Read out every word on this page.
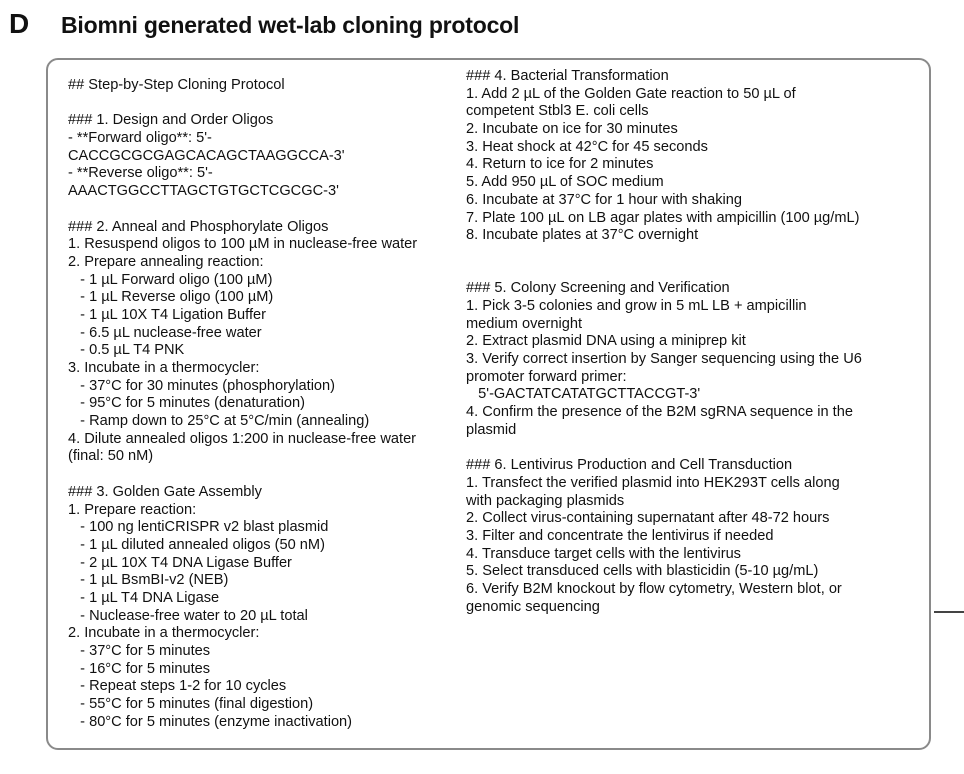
D Biomni generated wet-lab cloning protocol
## Step-by-Step Cloning Protocol
### 1. Design and Order Oligos
- **Forward oligo**: 5'-
CACCGCGCGAGCACAGCTAAGGCCA-3'
- **Reverse oligo**: 5'-
AAACTGGCCTTAGCTGTGCTCGCGC-3'
### 2. Anneal and Phosphorylate Oligos
1. Resuspend oligos to 100 µM in nuclease-free water
2. Prepare annealing reaction:
- 1 µL Forward oligo (100 µM)
- 1 µL Reverse oligo (100 µM)
- 1 µL 10X T4 Ligation Buffer
- 6.5 µL nuclease-free water
- 0.5 µL T4 PNK
3. Incubate in a thermocycler:
- 37°C for 30 minutes (phosphorylation)
- 95°C for 5 minutes (denaturation)
- Ramp down to 25°C at 5°C/min (annealing)
4. Dilute annealed oligos 1:200 in nuclease-free water
(final: 50 nM)
### 3. Golden Gate Assembly
1. Prepare reaction:
- 100 ng lentiCRISPR v2 blast plasmid
- 1 µL diluted annealed oligos (50 nM)
- 2 µL 10X T4 DNA Ligase Buffer
- 1 µL BsmBI-v2 (NEB)
- 1 µL T4 DNA Ligase
- Nuclease-free water to 20 µL total
2. Incubate in a thermocycler:
- 37°C for 5 minutes
- 16°C for 5 minutes
- Repeat steps 1-2 for 10 cycles
- 55°C for 5 minutes (final digestion)
- 80°C for 5 minutes (enzyme inactivation)
### 4. Bacterial Transformation
1. Add 2 µL of the Golden Gate reaction to 50 µL of
competent Stbl3 E. coli cells
2. Incubate on ice for 30 minutes
3. Heat shock at 42°C for 45 seconds
4. Return to ice for 2 minutes
5. Add 950 µL of SOC medium
6. Incubate at 37°C for 1 hour with shaking
7. Plate 100 µL on LB agar plates with ampicillin (100 µg/mL)
8. Incubate plates at 37°C overnight
### 5. Colony Screening and Verification
1. Pick 3-5 colonies and grow in 5 mL LB + ampicillin
medium overnight
2. Extract plasmid DNA using a miniprep kit
3. Verify correct insertion by Sanger sequencing using the U6
promoter forward primer:
5'-GACTATCATATGCTTACCGT-3'
4. Confirm the presence of the B2M sgRNA sequence in the
plasmid
### 6. Lentivirus Production and Cell Transduction
1. Transfect the verified plasmid into HEK293T cells along
with packaging plasmids
2. Collect virus-containing supernatant after 48-72 hours
3. Filter and concentrate the lentivirus if needed
4. Transduce target cells with the lentivirus
5. Select transduced cells with blasticidin (5-10 µg/mL)
6. Verify B2M knockout by flow cytometry, Western blot, or
genomic sequencing
